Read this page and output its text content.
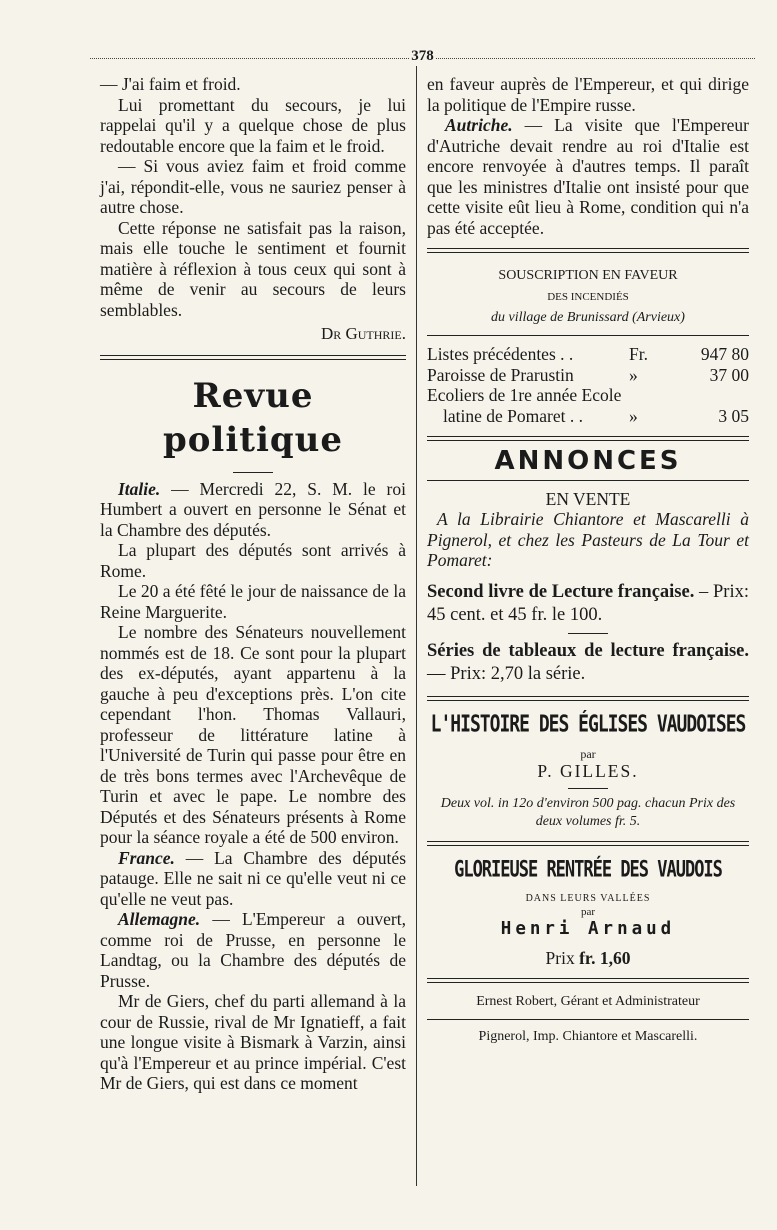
378

— J'ai faim et froid.

Lui promettant du secours, je lui rappelai qu'il y a quelque chose de plus redoutable encore que la faim et le froid.

— Si vous aviez faim et froid comme j'ai, répondit-elle, vous ne sauriez penser à autre chose.

Cette réponse ne satisfait pas la raison, mais elle touche le sentiment et fournit matière à réflexion à tous ceux qui sont à même de venir au secours de leurs semblables.

Dr Guthrie.

Revue politique

Italie. — Mercredi 22, S. M. le roi Humbert a ouvert en personne le Sénat et la Chambre des députés.

La plupart des députés sont arrivés à Rome.

Le 20 a été fêté le jour de naissance de la Reine Marguerite.

Le nombre des Sénateurs nouvellement nommés est de 18. Ce sont pour la plupart des ex-députés, ayant appartenu à la gauche à peu d'exceptions près. L'on cite cependant l'hon. Thomas Vallauri, professeur de littérature latine à l'Université de Turin qui passe pour être en de très bons termes avec l'Archevêque de Turin et avec le pape. Le nombre des Députés et des Sénateurs présents à Rome pour la séance royale a été de 500 environ.

France. — La Chambre des députés patauge. Elle ne sait ni ce qu'elle veut ni ce qu'elle ne veut pas.

Allemagne. — L'Empereur a ouvert, comme roi de Prusse, en personne le Landtag, ou la Chambre des députés de Prusse.

Mr de Giers, chef du parti allemand à la cour de Russie, rival de Mr Ignatieff, a fait une longue visite à Bismark à Varzin, ainsi qu'à l'Empereur et au prince impérial. C'est Mr de Giers, qui est dans ce moment

en faveur auprès de l'Empereur, et qui dirige la politique de l'Empire russe.

Autriche. — La visite que l'Empereur d'Autriche devait rendre au roi d'Italie est encore renvoyée à d'autres temps. Il paraît que les ministres d'Italie ont insisté pour que cette visite eût lieu à Rome, condition qui n'a pas été acceptée.

SOUSCRIPTION EN FAVEUR
DES INCENDIÉS
du village de Brunissard (Arvieux)
Listes précédentes . .	Fr.	947 80
Paroisse de Prarustin	»	37 00
Ecoliers de 1re année Ecole
latine de Pomaret . .	»	3 05
ANNONCES
EN VENTE

A la Librairie Chiantore et Mascarelli à Pignerol, et chez les Pasteurs de La Tour et Pomaret:

Second livre de Lecture française. – Prix: 45 cent. et 45 fr. le 100.

Séries de tableaux de lecture française. — Prix: 2,70 la série.

L'HISTOIRE DES ÉGLISES VAUDOISES
par
P. GILLES.

Deux vol. in 12o d'environ 500 pag. chacun Prix des deux volumes fr. 5.

GLORIEUSE RENTRÉE DES VAUDOIS
DANS LEURS VALLÉES
par
Henri Arnaud
Prix fr. 1,60
Ernest Robert, Gérant et Administrateur
Pignerol, Imp. Chiantore et Mascarelli.
